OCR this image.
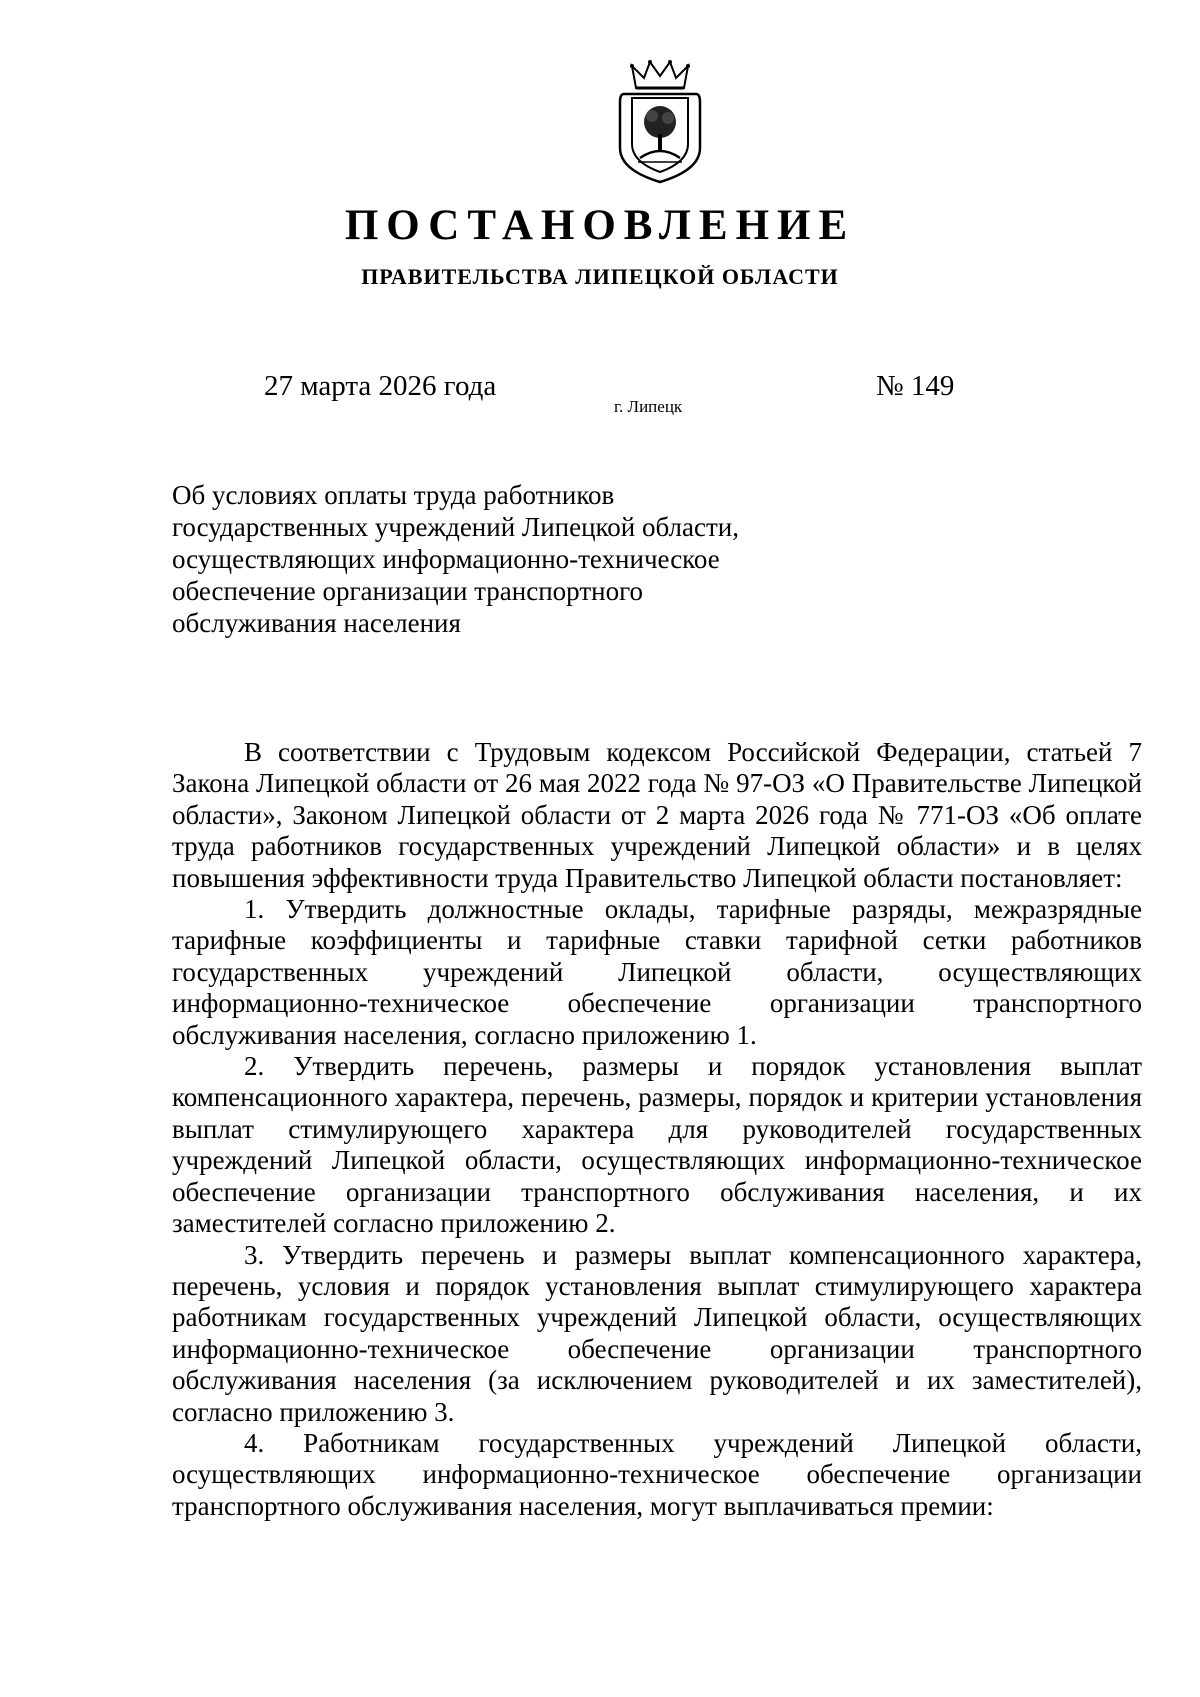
ПОСТАНОВЛЕНИЕ
ПРАВИТЕЛЬСТВА ЛИПЕЦКОЙ ОБЛАСТИ
27 марта 2026 года
г. Липецк
№ 149
Об условиях оплаты труда работников
государственных учреждений Липецкой области,
осуществляющих информационно-техническое
обеспечение организации транспортного
обслуживания населения

В соответствии с Трудовым кодексом Российской Федерации, статьей 7 Закона Липецкой области от 26 мая 2022 года № 97-ОЗ «О Правительстве Липецкой области», Законом Липецкой области от 2 марта 2026 года № 771-ОЗ «Об оплате труда работников государственных учреждений Липецкой области» и в целях повышения эффективности труда Правительство Липецкой области постановляет:

1. Утвердить должностные оклады, тарифные разряды, межразрядные тарифные коэффициенты и тарифные ставки тарифной сетки работников государственных учреждений Липецкой области, осуществляющих информационно-техническое обеспечение организации транспортного обслуживания населения, согласно приложению 1.

2. Утвердить перечень, размеры и порядок установления выплат компенсационного характера, перечень, размеры, порядок и критерии установления выплат стимулирующего характера для руководителей государственных учреждений Липецкой области, осуществляющих информационно-техническое обеспечение организации транспортного обслуживания населения, и их заместителей согласно приложению 2.

3. Утвердить перечень и размеры выплат компенсационного характера, перечень, условия и порядок установления выплат стимулирующего характера работникам государственных учреждений Липецкой области, осуществляющих информационно-техническое обеспечение организации транспортного обслуживания населения (за исключением руководителей и их заместителей), согласно приложению 3.

4. Работникам государственных учреждений Липецкой области, осуществляющих информационно-техническое обеспечение организации транспортного обслуживания населения, могут выплачиваться премии:
